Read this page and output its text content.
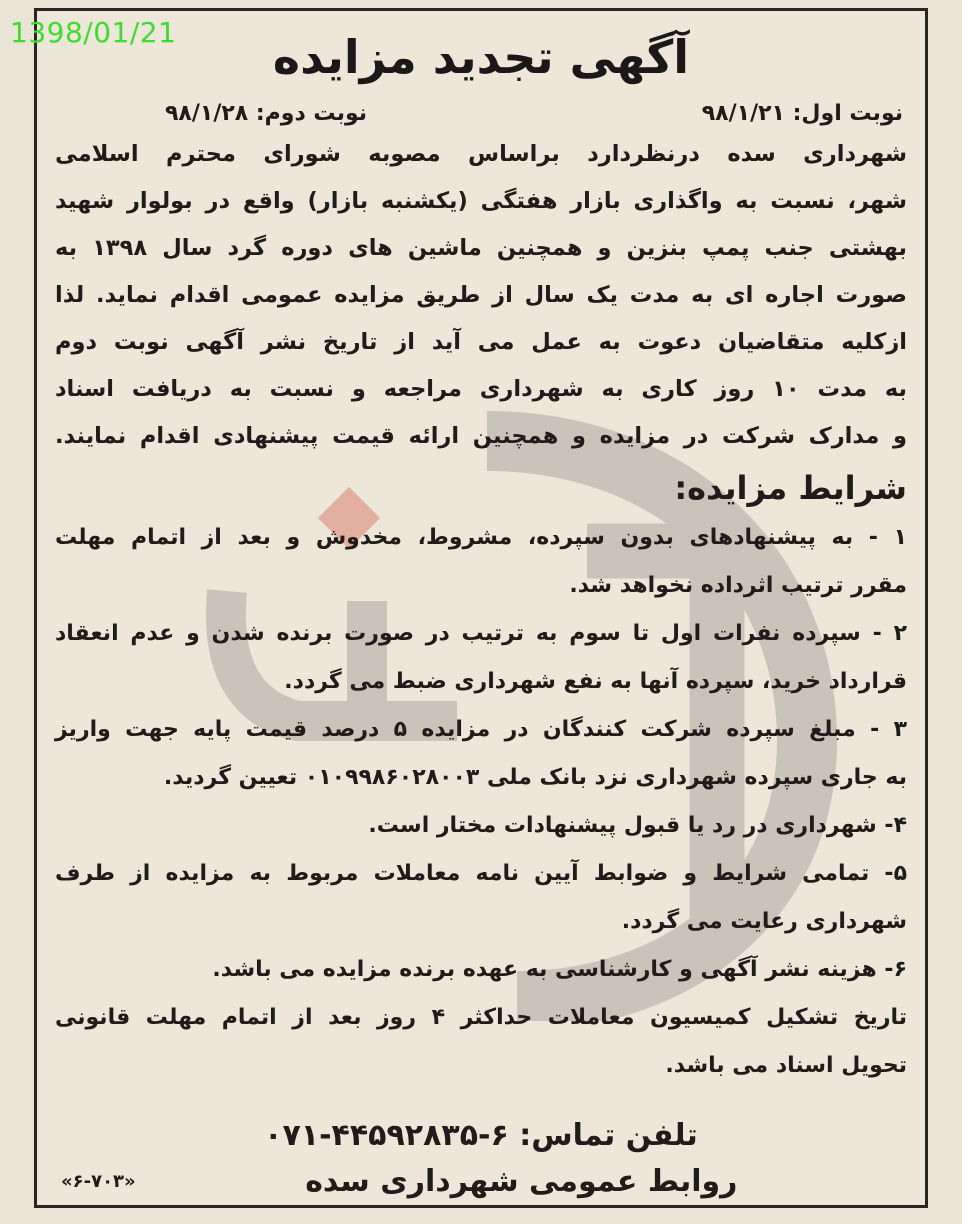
1398/01/21	آگهی تجدید مزایده
نوبت اول: ۹۸/۱/۲۱
نوبت دوم: ۹۸/۱/۲۸
شهرداری سده درنظردارد براساس مصوبه شورای محترم اسلامی
شهر، نسبت به واگذاری بازار هفتگی (یکشنبه بازار) واقع در بولوار شهید
بهشتی جنب پمپ بنزین و همچنین ماشین های دوره گرد سال ۱۳۹۸ به
صورت اجاره ای به مدت یک سال از طریق مزایده عمومی اقدام نماید. لذا
ازکلیه متقاضیان دعوت به عمل می آید از تاریخ نشر آگهی نوبت دوم
به مدت ۱۰ روز کاری به شهرداری مراجعه و نسبت به دریافت اسناد
و مدارک شرکت در مزایده و همچنین ارائه قیمت پیشنهادی اقدام نمایند.
شرایط مزایده:
۱ - به پیشنهادهای بدون سپرده، مشروط، مخدوش و بعد از اتمام مهلت
مقرر ترتیب اثرداده نخواهد شد.
۲ - سپرده نفرات اول تا سوم به ترتیب در صورت برنده شدن و عدم انعقاد
قرارداد خرید، سپرده آنها به نفع شهرداری ضبط می گردد.
۳ - مبلغ سپرده شرکت کنندگان در مزایده ۵ درصد قیمت پایه جهت واریز
به جاری سپرده شهرداری نزد بانک ملی ۰۱۰۹۹۸۶۰۲۸۰۰۳ تعیین گردید.
۴- شهرداری در رد یا قبول پیشنهادات مختار است.
۵- تمامی شرایط و ضوابط آیین نامه معاملات مربوط به مزایده از طرف
شهرداری رعایت می گردد.
۶- هزینه نشر آگهی و کارشناسی به عهده برنده مزایده می باشد.
تاریخ تشکیل کمیسیون معاملات حداکثر ۴ روز بعد از اتمام مهلت قانونی
تحویل اسناد می باشد.
تلفن تماس: ۶-۴۴۵۹۲۸۳۵-۰۷۱
روابط عمومی شهرداری سده
«۶-۷۰۳»
